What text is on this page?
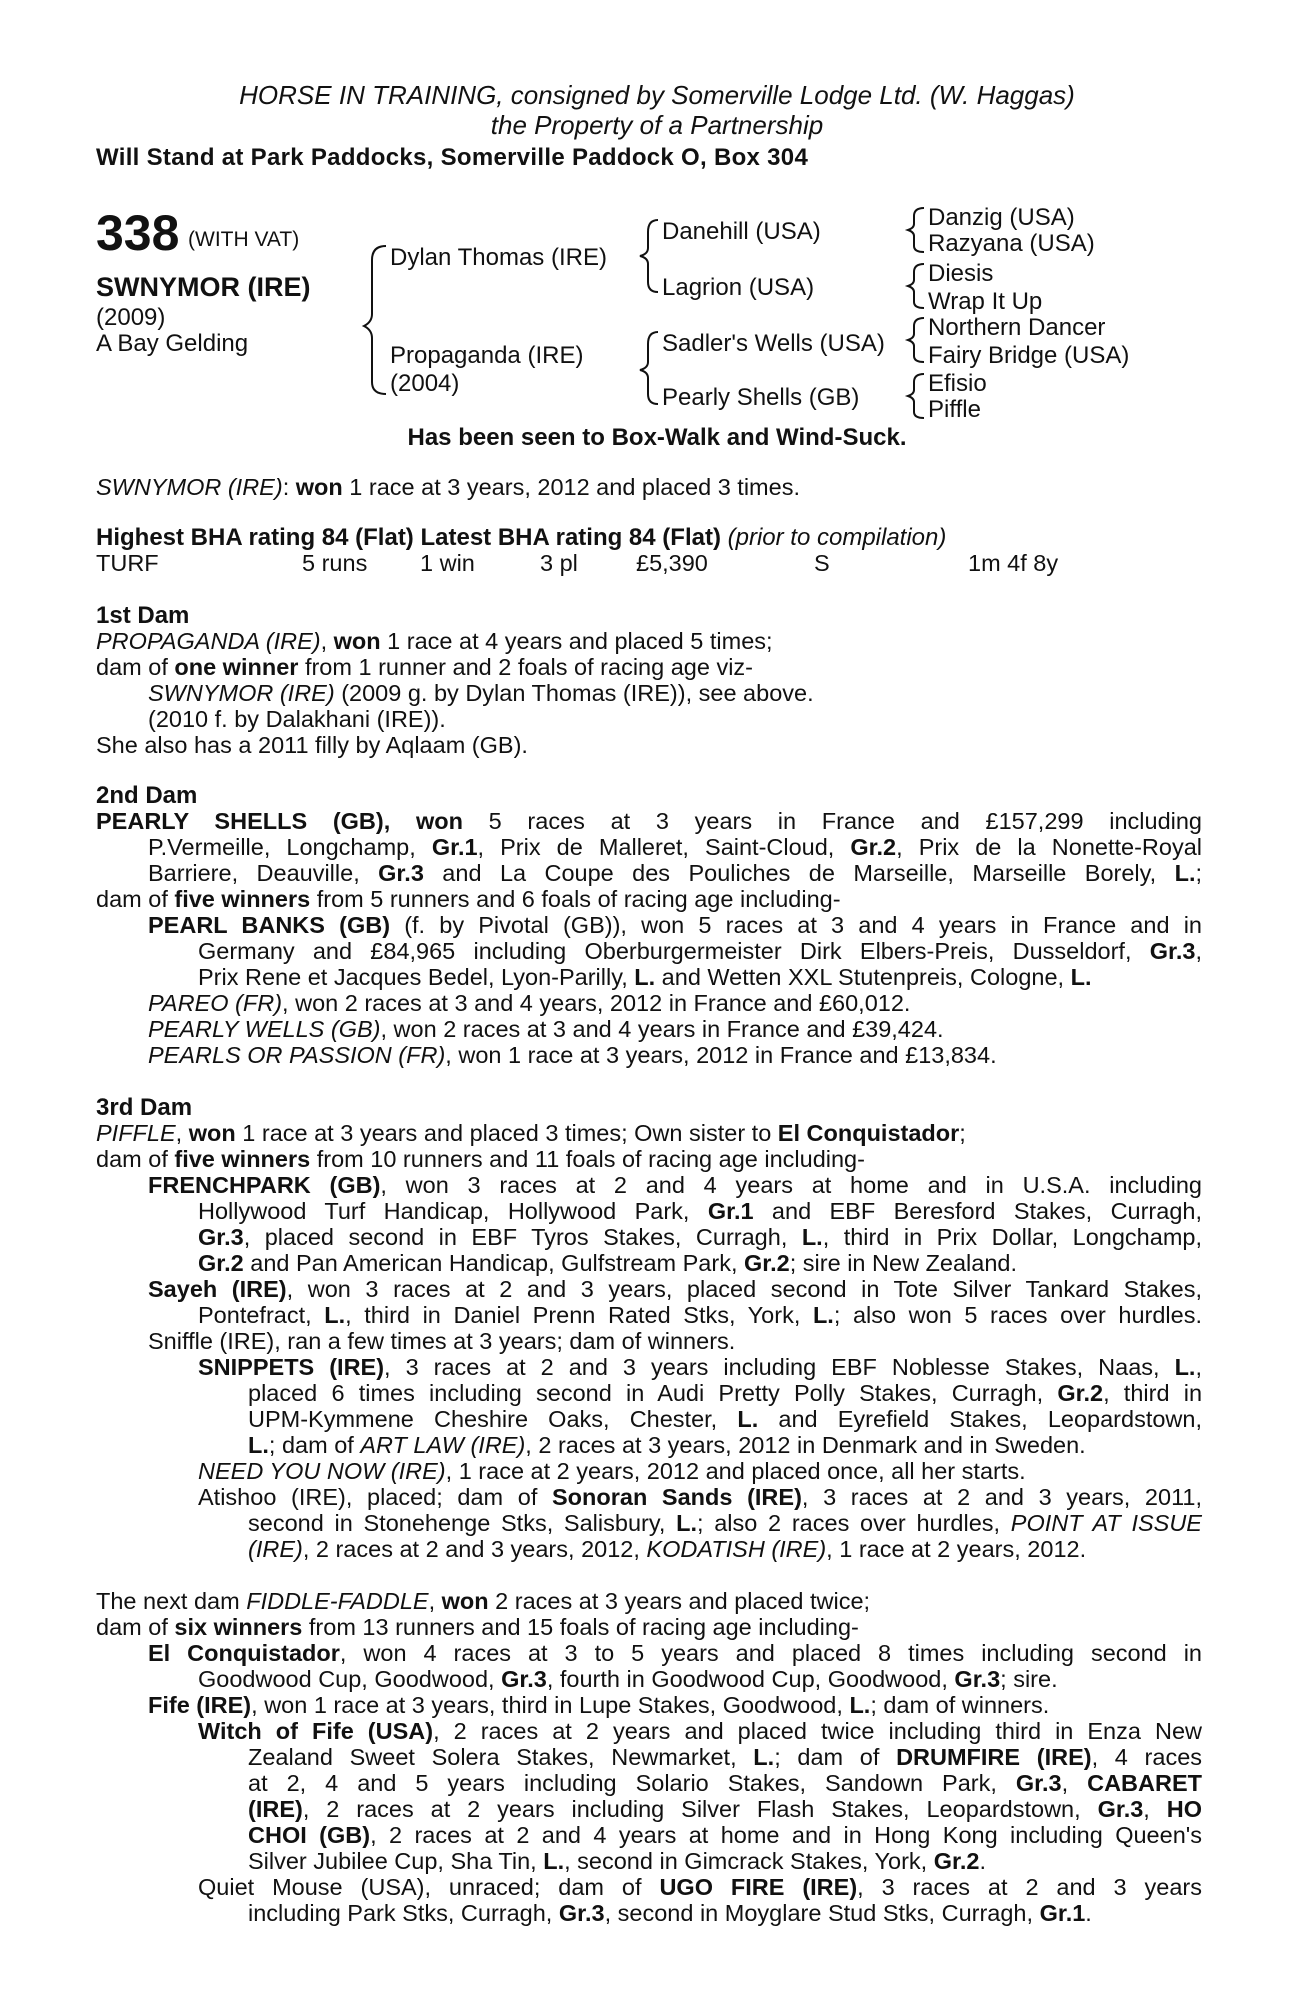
HORSE IN TRAINING, consigned by Somerville Lodge Ltd. (W. Haggas)
the Property of a Partnership
Will Stand at Park Paddocks, Somerville Paddock O, Box 304
338 (WITH VAT)
SWNYMOR (IRE)
(2009)
A Bay Gelding
Dylan Thomas (IRE)
Propaganda (IRE)
(2004)
Danehill (USA)
Lagrion (USA)
Sadler's Wells (USA)
Pearly Shells (GB)
Danzig (USA)
Razyana (USA)
Diesis
Wrap It Up
Northern Dancer
Fairy Bridge (USA)
Efisio
Piffle
Has been seen to Box-Walk and Wind-Suck.
SWNYMOR (IRE): won 1 race at 3 years, 2012 and placed 3 times.
Highest BHA rating 84 (Flat) Latest BHA rating 84 (Flat) (prior to compilation)
TURF	5 runs 1 win	3 pl £5,390	S	1m 4f 8y
1st Dam
PROPAGANDA (IRE), won 1 race at 4 years and placed 5 times;
dam of one winner from 1 runner and 2 foals of racing age viz-
SWNYMOR (IRE) (2009 g. by Dylan Thomas (IRE)), see above.
(2010 f. by Dalakhani (IRE)).
She also has a 2011 filly by Aqlaam (GB).
2nd Dam
PEARLY SHELLS (GB), won 5 races at 3 years in France and £157,299 including
P.Vermeille, Longchamp, Gr.1, Prix de Malleret, Saint-Cloud, Gr.2, Prix de la Nonette-Royal
Barriere, Deauville, Gr.3 and La Coupe des Pouliches de Marseille, Marseille Borely, L.;
dam of five winners from 5 runners and 6 foals of racing age including-
PEARL BANKS (GB) (f. by Pivotal (GB)), won 5 races at 3 and 4 years in France and in
Germany and £84,965 including Oberburgermeister Dirk Elbers-Preis, Dusseldorf, Gr.3,
Prix Rene et Jacques Bedel, Lyon-Parilly, L. and Wetten XXL Stutenpreis, Cologne, L.
PAREO (FR), won 2 races at 3 and 4 years, 2012 in France and £60,012.
PEARLY WELLS (GB), won 2 races at 3 and 4 years in France and £39,424.
PEARLS OR PASSION (FR), won 1 race at 3 years, 2012 in France and £13,834.
3rd Dam
PIFFLE, won 1 race at 3 years and placed 3 times; Own sister to El Conquistador;
dam of five winners from 10 runners and 11 foals of racing age including-
FRENCHPARK (GB), won 3 races at 2 and 4 years at home and in U.S.A. including
Hollywood Turf Handicap, Hollywood Park, Gr.1 and EBF Beresford Stakes, Curragh,
Gr.3, placed second in EBF Tyros Stakes, Curragh, L., third in Prix Dollar, Longchamp,
Gr.2 and Pan American Handicap, Gulfstream Park, Gr.2; sire in New Zealand.
Sayeh (IRE), won 3 races at 2 and 3 years, placed second in Tote Silver Tankard Stakes,
Pontefract, L., third in Daniel Prenn Rated Stks, York, L.; also won 5 races over hurdles.
Sniffle (IRE), ran a few times at 3 years; dam of winners.
SNIPPETS (IRE), 3 races at 2 and 3 years including EBF Noblesse Stakes, Naas, L.,
placed 6 times including second in Audi Pretty Polly Stakes, Curragh, Gr.2, third in
UPM-Kymmene Cheshire Oaks, Chester, L. and Eyrefield Stakes, Leopardstown,
L.; dam of ART LAW (IRE), 2 races at 3 years, 2012 in Denmark and in Sweden.
NEED YOU NOW (IRE), 1 race at 2 years, 2012 and placed once, all her starts.
Atishoo (IRE), placed; dam of Sonoran Sands (IRE), 3 races at 2 and 3 years, 2011,
second in Stonehenge Stks, Salisbury, L.; also 2 races over hurdles, POINT AT ISSUE
(IRE), 2 races at 2 and 3 years, 2012, KODATISH (IRE), 1 race at 2 years, 2012.
The next dam FIDDLE-FADDLE, won 2 races at 3 years and placed twice;
dam of six winners from 13 runners and 15 foals of racing age including-
El Conquistador, won 4 races at 3 to 5 years and placed 8 times including second in
Goodwood Cup, Goodwood, Gr.3, fourth in Goodwood Cup, Goodwood, Gr.3; sire.
Fife (IRE), won 1 race at 3 years, third in Lupe Stakes, Goodwood, L.; dam of winners.
Witch of Fife (USA), 2 races at 2 years and placed twice including third in Enza New
Zealand Sweet Solera Stakes, Newmarket, L.; dam of DRUMFIRE (IRE), 4 races
at 2, 4 and 5 years including Solario Stakes, Sandown Park, Gr.3, CABARET
(IRE), 2 races at 2 years including Silver Flash Stakes, Leopardstown, Gr.3, HO
CHOI (GB), 2 races at 2 and 4 years at home and in Hong Kong including Queen's
Silver Jubilee Cup, Sha Tin, L., second in Gimcrack Stakes, York, Gr.2.
Quiet Mouse (USA), unraced; dam of UGO FIRE (IRE), 3 races at 2 and 3 years
including Park Stks, Curragh, Gr.3, second in Moyglare Stud Stks, Curragh, Gr.1.
